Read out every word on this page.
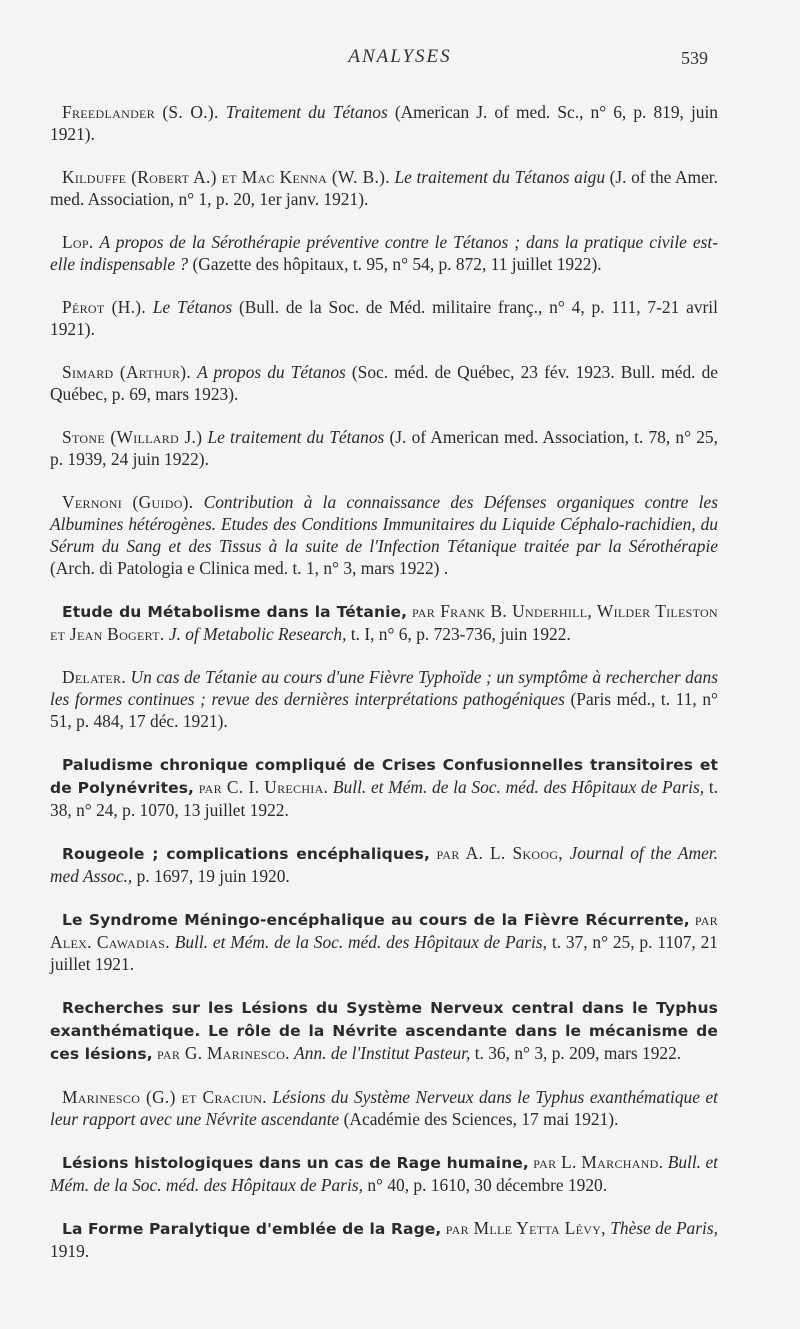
ANALYSES	539

Freedlander (S. O.). Traitement du Tétanos (American J. of med. Sc., n° 6, p. 819, juin 1921).

Kilduffe (Robert A.) et Mac Kenna (W. B.). Le traitement du Tétanos aigu (J. of the Amer. med. Association, n° 1, p. 20, 1er janv. 1921).

Lop. A propos de la Sérothérapie préventive contre le Tétanos ; dans la pratique civile est-elle indispensable ? (Gazette des hôpitaux, t. 95, n° 54, p. 872, 11 juillet 1922).

Pérot (H.). Le Tétanos (Bull. de la Soc. de Méd. militaire franç., n° 4, p. 111, 7-21 avril 1921).

Simard (Arthur). A propos du Tétanos (Soc. méd. de Québec, 23 fév. 1923. Bull. méd. de Québec, p. 69, mars 1923).

Stone (Willard J.) Le traitement du Tétanos (J. of American med. Association, t. 78, n° 25, p. 1939, 24 juin 1922).

Vernoni (Guido). Contribution à la connaissance des Défenses organiques contre les Albumines hétérogènes. Etudes des Conditions Immunitaires du Liquide Céphalo-rachidien, du Sérum du Sang et des Tissus à la suite de l'Infection Tétanique traitée par la Sérothérapie (Arch. di Patologia e Clinica med. t. 1, n° 3, mars 1922) .

Etude du Métabolisme dans la Tétanie, par Frank B. Underhill, Wilder Tileston et Jean Bogert. J. of Metabolic Research, t. I, n° 6, p. 723-736, juin 1922.

Delater. Un cas de Tétanie au cours d'une Fièvre Typhoïde ; un symptôme à rechercher dans les formes continues ; revue des dernières interprétations pathogéniques (Paris méd., t. 11, n° 51, p. 484, 17 déc. 1921).

Paludisme chronique compliqué de Crises Confusionnelles transitoires et de Polynévrites, par C. I. Urechia. Bull. et Mém. de la Soc. méd. des Hôpitaux de Paris, t. 38, n° 24, p. 1070, 13 juillet 1922.

Rougeole ; complications encéphaliques, par A. L. Skoog, Journal of the Amer. med Assoc., p. 1697, 19 juin 1920.

Le Syndrome Méningo-encéphalique au cours de la Fièvre Récurrente, par Alex. Cawadias. Bull. et Mém. de la Soc. méd. des Hôpitaux de Paris, t. 37, n° 25, p. 1107, 21 juillet 1921.

Recherches sur les Lésions du Système Nerveux central dans le Typhus exanthématique. Le rôle de la Névrite ascendante dans le mécanisme de ces lésions, par G. Marinesco. Ann. de l'Institut Pasteur, t. 36, n° 3, p. 209, mars 1922.

Marinesco (G.) et Craciun. Lésions du Système Nerveux dans le Typhus exanthématique et leur rapport avec une Névrite ascendante (Académie des Sciences, 17 mai 1921).

Lésions histologiques dans un cas de Rage humaine, par L. Marchand. Bull. et Mém. de la Soc. méd. des Hôpitaux de Paris, n° 40, p. 1610, 30 décembre 1920.

La Forme Paralytique d'emblée de la Rage, par Mlle Yetta Lévy, Thèse de Paris, 1919.
